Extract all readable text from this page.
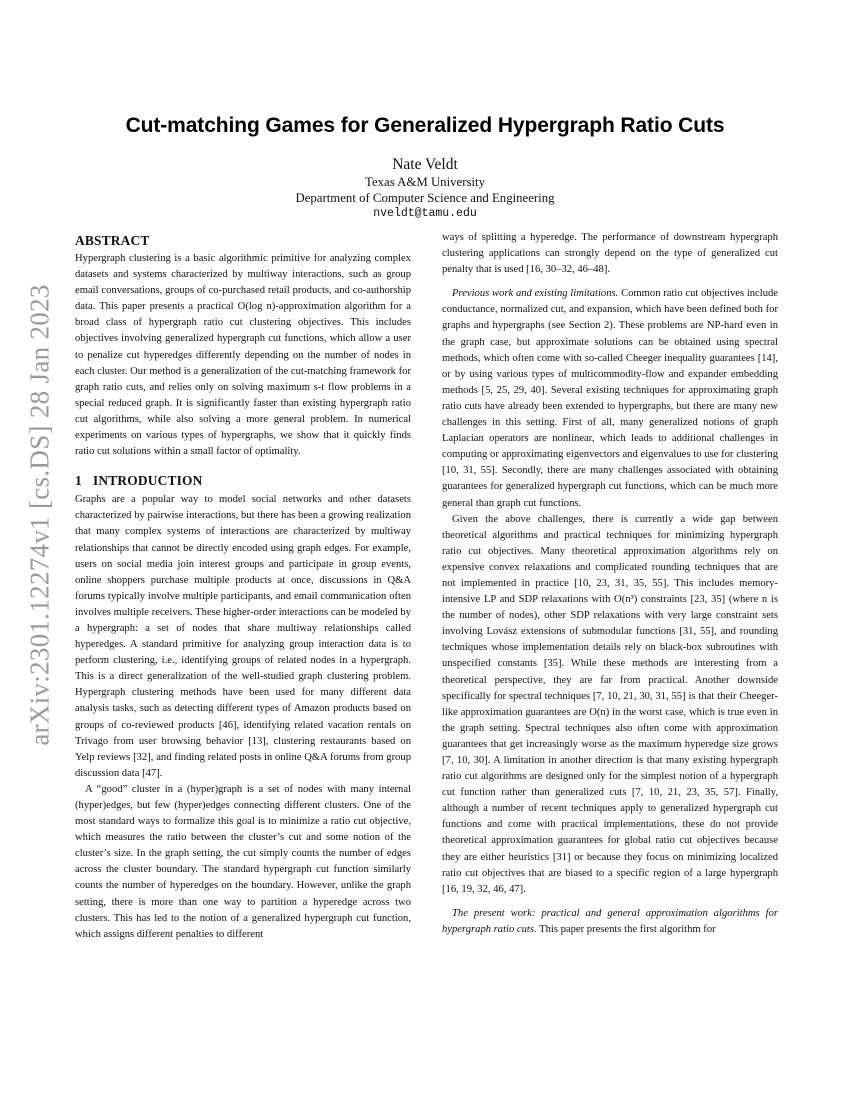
arXiv:2301.12274v1 [cs.DS] 28 Jan 2023
Cut-matching Games for Generalized Hypergraph Ratio Cuts
Nate Veldt
Texas A&M University
Department of Computer Science and Engineering
nveldt@tamu.edu
ABSTRACT

Hypergraph clustering is a basic algorithmic primitive for analyzing complex datasets and systems characterized by multiway interactions, such as group email conversations, groups of co-purchased retail products, and co-authorship data. This paper presents a practical O(log n)-approximation algorithm for a broad class of hypergraph ratio cut clustering objectives. This includes objectives involving generalized hypergraph cut functions, which allow a user to penalize cut hyperedges differently depending on the number of nodes in each cluster. Our method is a generalization of the cut-matching framework for graph ratio cuts, and relies only on solving maximum s-t flow problems in a special reduced graph. It is significantly faster than existing hypergraph ratio cut algorithms, while also solving a more general problem. In numerical experiments on various types of hypergraphs, we show that it quickly finds ratio cut solutions within a small factor of optimality.

1 INTRODUCTION

Graphs are a popular way to model social networks and other datasets characterized by pairwise interactions, but there has been a growing realization that many complex systems of interactions are characterized by multiway relationships that cannot be directly encoded using graph edges. For example, users on social media join interest groups and participate in group events, online shoppers purchase multiple products at once, discussions in Q&A forums typically involve multiple participants, and email communication often involves multiple receivers. These higher-order interactions can be modeled by a hypergraph: a set of nodes that share multiway relationships called hyperedges. A standard primitive for analyzing group interaction data is to perform clustering, i.e., identifying groups of related nodes in a hypergraph. This is a direct generalization of the well-studied graph clustering problem. Hypergraph clustering methods have been used for many different data analysis tasks, such as detecting different types of Amazon products based on groups of co-reviewed products [46], identifying related vacation rentals on Trivago from user browsing behavior [13], clustering restaurants based on Yelp reviews [32], and finding related posts in online Q&A forums from group discussion data [47].

A “good” cluster in a (hyper)graph is a set of nodes with many internal (hyper)edges, but few (hyper)edges connecting different clusters. One of the most standard ways to formalize this goal is to minimize a ratio cut objective, which measures the ratio between the cluster’s cut and some notion of the cluster’s size. In the graph setting, the cut simply counts the number of edges across the cluster boundary. The standard hypergraph cut function similarly counts the number of hyperedges on the boundary. However, unlike the graph setting, there is more than one way to partition a hyperedge across two clusters. This has led to the notion of a generalized hypergraph cut function, which assigns different penalties to different

ways of splitting a hyperedge. The performance of downstream hypergraph clustering applications can strongly depend on the type of generalized cut penalty that is used [16, 30–32, 46–48].

Previous work and existing limitations. Common ratio cut objectives include conductance, normalized cut, and expansion, which have been defined both for graphs and hypergraphs (see Section 2). These problems are NP-hard even in the graph case, but approximate solutions can be obtained using spectral methods, which often come with so-called Cheeger inequality guarantees [14], or by using various types of multicommodity-flow and expander embedding methods [5, 25, 29, 40]. Several existing techniques for approximating graph ratio cuts have already been extended to hypergraphs, but there are many new challenges in this setting. First of all, many generalized notions of graph Laplacian operators are nonlinear, which leads to additional challenges in computing or approximating eigenvectors and eigenvalues to use for clustering [10, 31, 55]. Secondly, there are many challenges associated with obtaining guarantees for generalized hypergraph cut functions, which can be much more general than graph cut functions.

Given the above challenges, there is currently a wide gap between theoretical algorithms and practical techniques for minimizing hypergraph ratio cut objectives. Many theoretical approximation algorithms rely on expensive convex relaxations and complicated rounding techniques that are not implemented in practice [10, 23, 31, 35, 55]. This includes memory-intensive LP and SDP relaxations with O(n³) constraints [23, 35] (where n is the number of nodes), other SDP relaxations with very large constraint sets involving Lovász extensions of submodular functions [31, 55], and rounding techniques whose implementation details rely on black-box subroutines with unspecified constants [35]. While these methods are interesting from a theoretical perspective, they are far from practical. Another downside specifically for spectral techniques [7, 10, 21, 30, 31, 55] is that their Cheeger-like approximation guarantees are O(n) in the worst case, which is true even in the graph setting. Spectral techniques also often come with approximation guarantees that get increasingly worse as the maximum hyperedge size grows [7, 10, 30]. A limitation in another direction is that many existing hypergraph ratio cut algorithms are designed only for the simplest notion of a hypergraph cut function rather than generalized cuts [7, 10, 21, 23, 35, 57]. Finally, although a number of recent techniques apply to generalized hypergraph cut functions and come with practical implementations, these do not provide theoretical approximation guarantees for global ratio cut objectives because they are either heuristics [31] or because they focus on minimizing localized ratio cut objectives that are biased to a specific region of a large hypergraph [16, 19, 32, 46, 47].

The present work: practical and general approximation algorithms for hypergraph ratio cuts. This paper presents the first algorithm for
